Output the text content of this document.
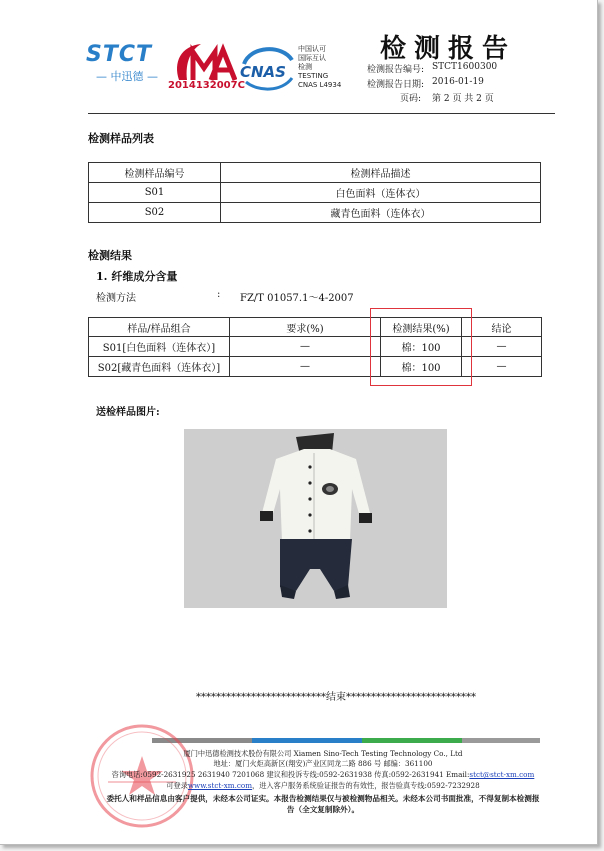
STCT
— 中迅德 —
2014132007C
CNAS
中国认可
国际互认
检测
TESTING
CNAS L4934
检测报告
检测报告编号: STCT1600300
检测报告日期: 2016-01-19
页码: 第 2 页 共 2 页
检测样品列表
检测样品编号	检测样品描述
S01	白色面料（连体衣）
S02	藏青色面料（连体衣）
检测结果
1. 纤维成分含量
检测方法	: FZ/T 01057.1～4-2007
样品/样品组合	要求(%)	检测结果(%)	结论
S01[白色面料（连体衣）]	—	棉：100	—
S02[藏青色面料（连体衣）]	—	棉：100	—
送检样品图片:
**************************结束**************************
厦门中迅德检测技术股份有限公司 Xiamen Sino-Tech Testing Technology Co., Ltd
地址：厦门火炬高新区(翔安)产业区同龙二路 886 号 邮编：361100
咨询电话:0592-2631925 2631940 7201068 建议和投诉专线:0592-2631938 传真:0592-2631941 Email:stct@stct-xm.com
可登录www.stct-xm.com，进入客户服务系统验证报告的有效性，报告验真专线:0592-7232928
委托人和样品信息由客户提供，未经本公司证实。本报告检测结果仅与被检测物品相关。未经本公司书面批准，不得复制本检测报
告（全文复制除外）。
